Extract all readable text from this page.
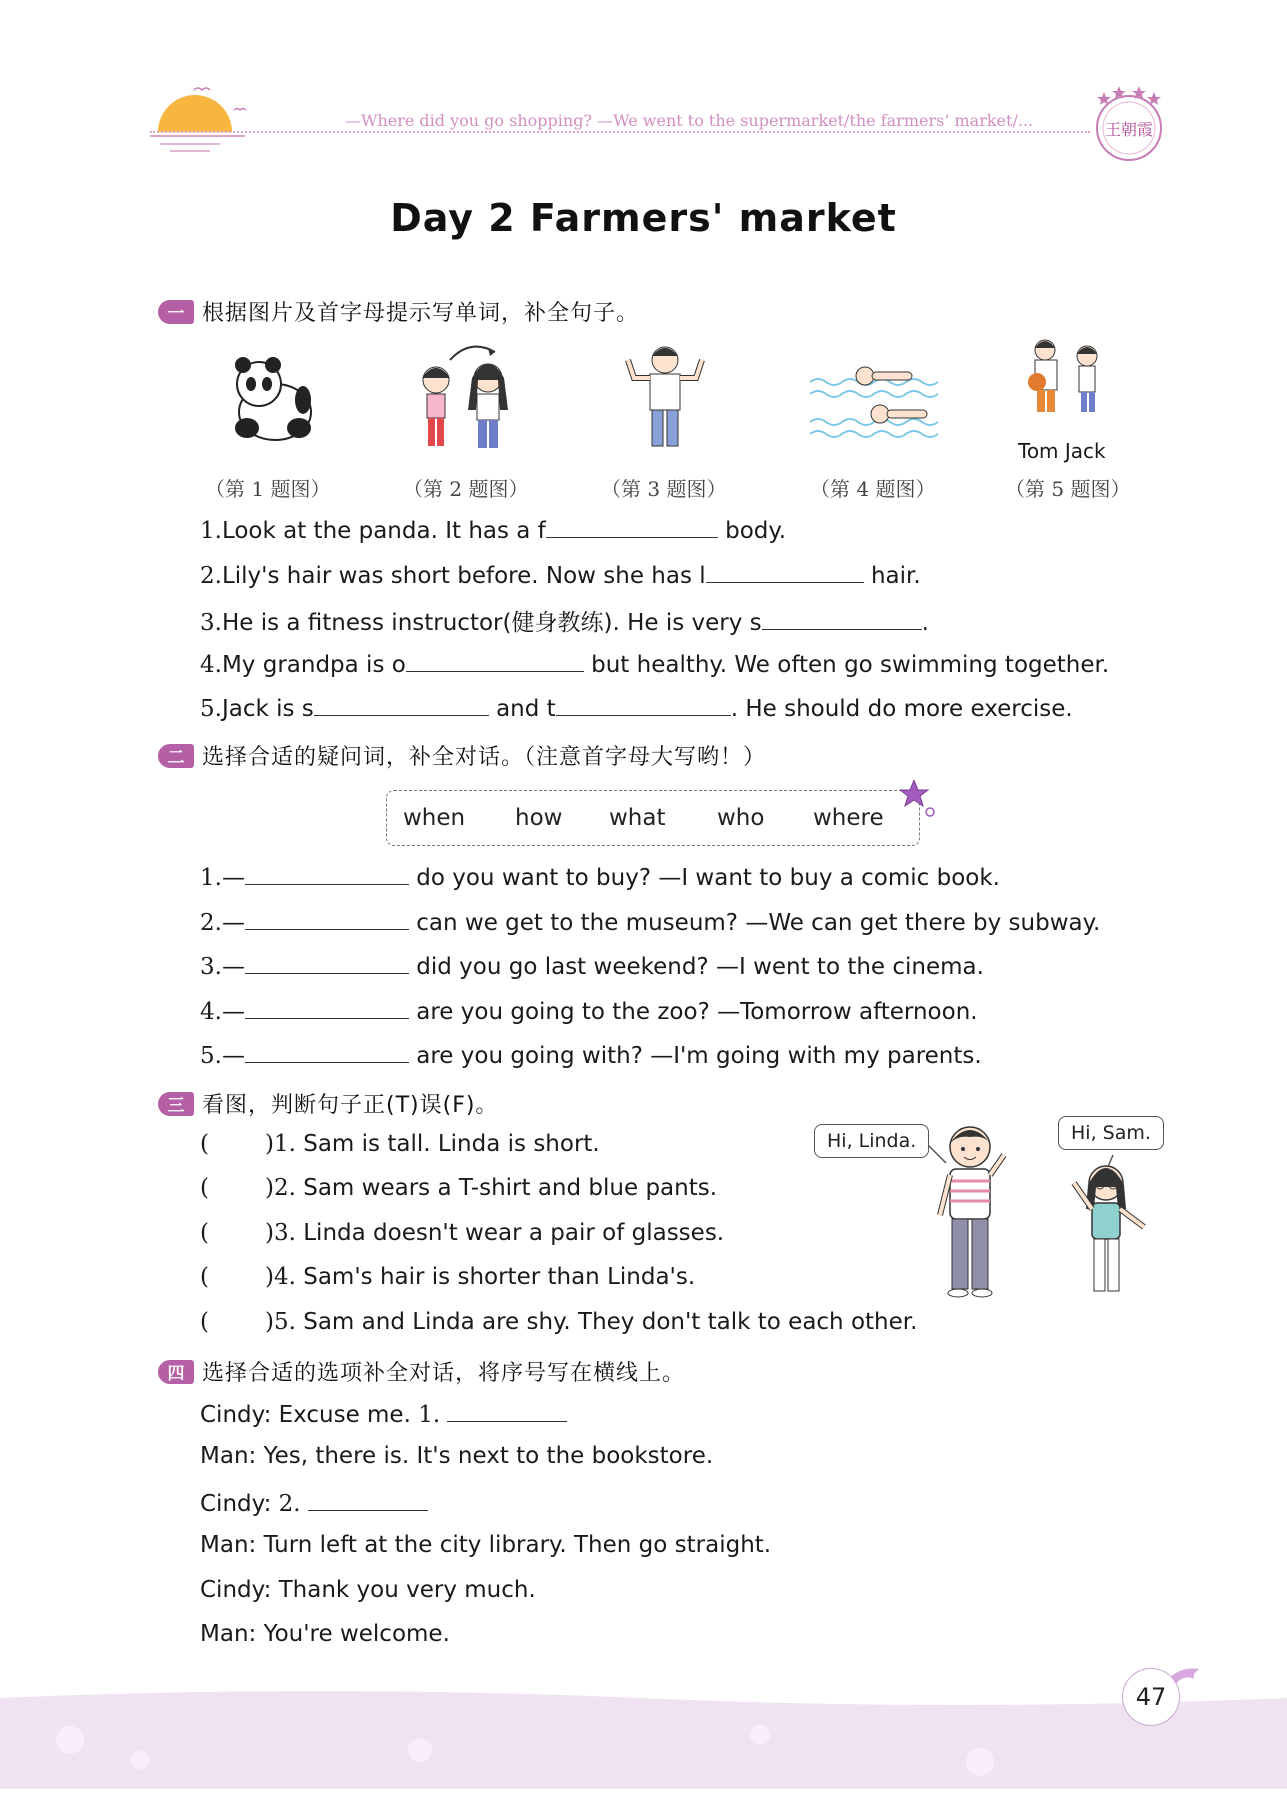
—Where did you go shopping? —We went to the supermarket/the farmers’ market/...	王朝霞
Day 2 Farmers' market
一 根据图片及首字母提示写单词，补全句子。
Tom Jack
（第 1 题图）	（第 2 题图）	（第 3 题图）	（第 4 题图）	（第 5 题图）
1.Look at the panda. It has a f	body.
2.Lily's hair was short before. Now she has l	hair.
3.He is a fitness instructor(健身教练). He is very s	.
4.My grandpa is o	but healthy. We often go swimming together.
5.Jack is s	and t	. He should do more exercise.
二 选择合适的疑问词，补全对话。（注意首字母大写哟！）
when how what who where
1.—	do you want to buy? —I want to buy a comic book.
2.—	can we get to the museum? —We can get there by subway.
3.—	did you go last weekend? —I went to the cinema.
4.—	are you going to the zoo? —Tomorrow afternoon.
5.—	are you going with? —I'm going with my parents.
三 看图，判断句子正(T)误(F)。
( )1. Sam is tall. Linda is short.
( )2. Sam wears a T-shirt and blue pants.
( )3. Linda doesn't wear a pair of glasses.
( )4. Sam's hair is shorter than Linda's.
( )5. Sam and Linda are shy. They don't talk to each other.
Hi, Linda.	Hi, Sam.
四 选择合适的选项补全对话，将序号写在横线上。
Cindy: Excuse me. 1.
Man: Yes, there is. It's next to the bookstore.
Cindy: 2.
Man: Turn left at the city library. Then go straight.
Cindy: Thank you very much.
Man: You're welcome.
47
